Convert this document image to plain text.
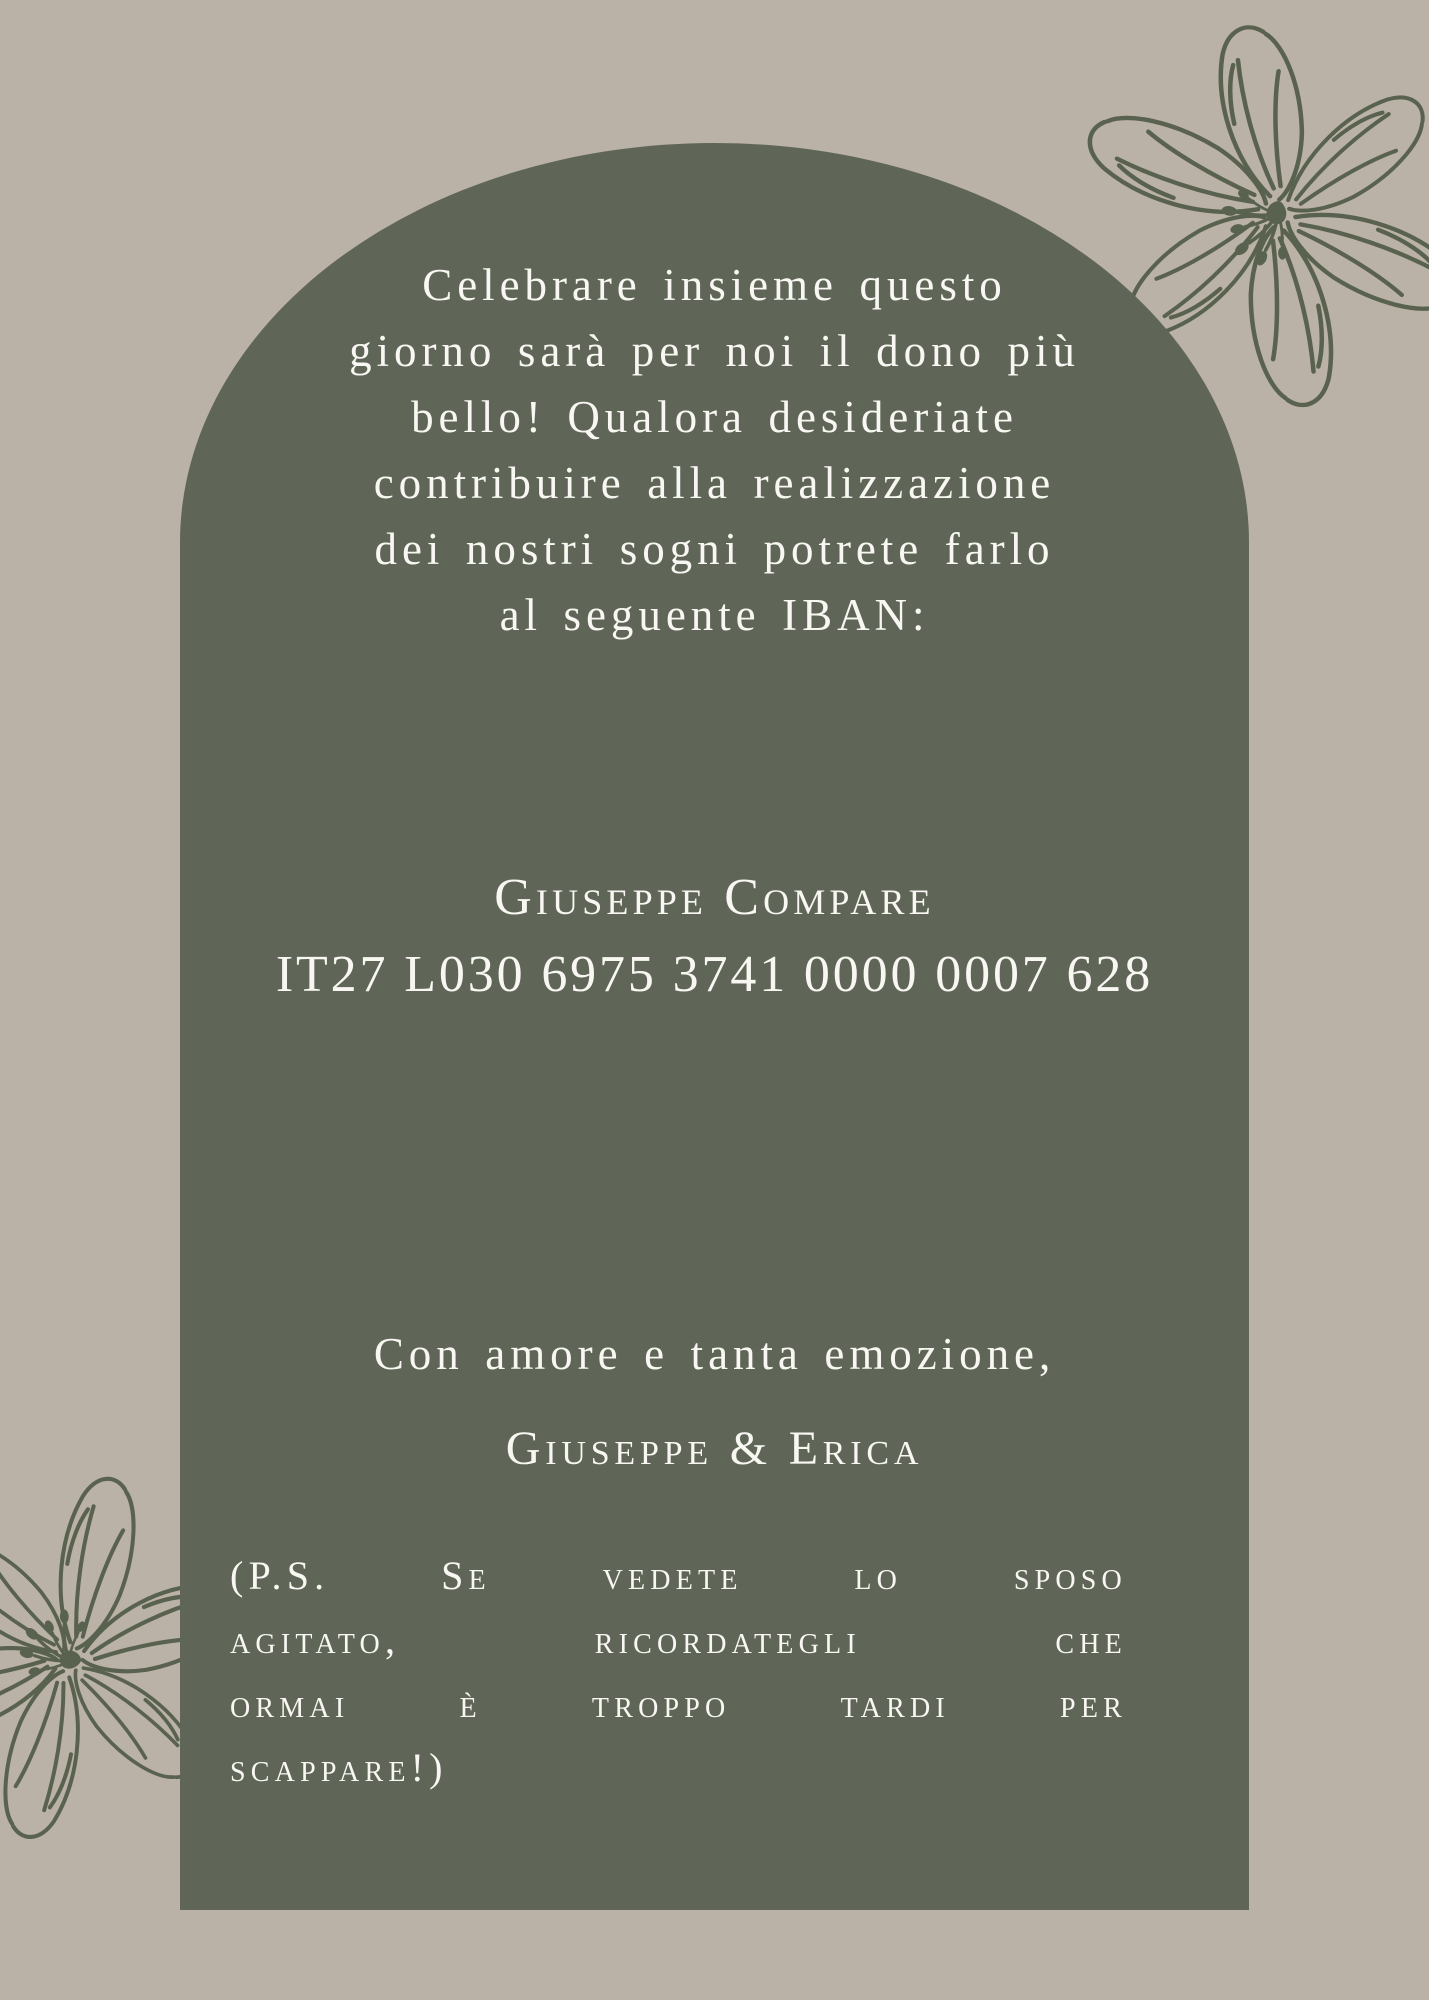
Celebrare insieme questo
giorno sarà per noi il dono più
bello! Qualora desideriate
contribuire alla realizzazione
dei nostri sogni potrete farlo
al seguente IBAN:
Giuseppe Compare
IT27 L030 6975 3741 0000 0007 628
Con amore e tanta emozione,
Giuseppe & Erica
(P.S.	Se	vedete	lo	sposo
agitato,	ricordategli	che
ormai	è	troppo	tardi	per
scappare!)
